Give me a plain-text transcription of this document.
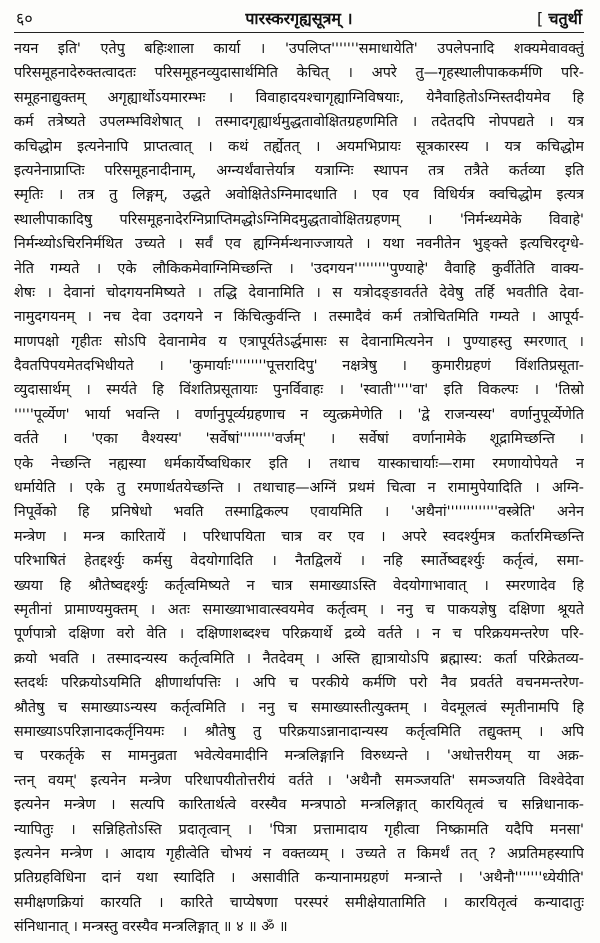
६०	पारस्करगृह्यसूत्रम् ।
[	चतुर्थी
नयन इति' एतेपु बहिःशाला कार्या । 'उपलिप्त'''''''समाधायेति' उपलेपनादि शक्यमेवावक्तुं
परिसमूहनादेरुक्तत्वादतः परिसमूहनव्युदासार्थमिति केचित् । अपरे तु—गृहस्थालीपाककर्मणि परि-
समूहनाद्युक्तम् अगृह्यार्थोऽयमारम्भः । विवाहादयश्चागृह्याग्निविषयाः, येनैवाहितोऽग्निस्तदीयमेव हि
कर्म तत्रेष्यते उपलम्भविशेषात् । तस्मादगृह्यार्थमुद्धतावोक्षितग्रहणमिति । तदेतदपि नोपपद्यते । यत्र
कचिद्धोम इत्यनेनापि प्राप्तत्वात् । कथं तर्ह्येतत् । अयमभिप्रायः सूत्रकारस्य । यत्र कचिद्धोम
इत्यनेनाप्राप्तिः परिसमूहनादीनाम्, अग्न्यर्थंवात्तेर्यात्र यत्राग्निः स्थापन तत्र तत्रैते कर्तव्या इति
स्मृतिः । तत्र तु लिङ्गम्, उद्धते अवोक्षितेऽग्निमादधाति । एव एव विधिर्यत्र क्वचिद्धोम इत्यत्र
स्थालीपाकादिषु परिसमूहनादेरग्निप्राप्तिमद्धोऽग्निमिदमुद्धतावोक्षितग्रहणम् । 'निर्मन्ध्यमेके विवाहे'
निर्मन्थ्योऽचिरनिर्मथित उच्यते । सर्वं एव ह्यग्निर्मन्थनाज्जायते । यथा नवनीतेन भुङ्क्ते इत्यचिरदृग्धे-
नेति गम्यते । एके लौकिकमेवाग्निमिच्छन्ति । 'उदगयन'''''''''पुण्याहे' वैवाहि कुर्वीतेति वाक्य-
शेषः । देवानां चोदगयनमिष्यते । तद्धि देवानामिति । स यत्रोदङ्ङावर्तते देवेषु तर्हि भवतीति देवा-
नामुदगयनम् । नच देवा उदगयने न किंचित्कुर्वन्ति । तस्मादैवं कर्म तत्रोचितमिति गम्यते । आपूर्य-
माणपक्षो गृहीतः सोऽपि देवानामेव य एत्रापूर्यतेऽर्द्धमासः स देवानामित्यनेन । पुण्याहस्तु स्मरणात् ।
दैवतपिपयमेतदभिधीयते । 'कुमार्याः'''''''''पूत्तरादिपु' नक्षत्रेषु । कुमारीग्रहणं विंशतिप्रसूता-
व्युदासार्थम् । स्मर्यते हि विंशतिप्रसूतायाः पुनर्विवाहः । 'स्वाती'''''वा' इति विकल्पः । 'तिस्रो
'''''पूर्व्येण' भार्या भवन्ति । वर्णानुपूर्व्यग्रहणाच न व्युत्क्रमेणेति । 'द्वे राजन्यस्य' वर्णानुपूर्व्येणेति
वर्तते । 'एका वैश्यस्य' 'सर्वेषां'''''''''वर्जम्' । सर्वेषां वर्णानामेके शूद्रामिच्छन्ति ।
एके नेच्छन्ति नह्यस्या धर्मकार्येष्वधिकार इति । तथाच यास्काचार्याः—रामा रमणायोपेयते न
धर्मायेति । एके तु रमणार्थतयेच्छन्ति । तथाचाह—अग्निं प्रथमं चित्वा न रामामुपेयादिति । अग्नि-
निपूर्वेको हि प्रनिषेधो भवति तस्माद्विकल्प एवायमिति । 'अथैनां'''''''''''''वस्त्रेति' अनेन
मन्त्रेण । मन्त्र कारितायें । परिधापयिता चात्र वर एव । अपरे स्वदर्श्युमत्र कर्तारमिच्छन्ति
परिभाषितं हेतद्दर्श्युः कर्मसु वेदयोगादिति । नैतद्विलयें । नहि स्मार्तेष्वद्दर्श्युः कर्तृत्वं, समा-
ख्यया हि श्रौतेष्वद्दर्श्युः कर्तृत्वमिष्यते न चात्र समाख्याऽस्ति वेदयोगाभावात् । स्मरणादेव हि
स्मृतीनां प्रामाण्यमुक्तम् । अतः समाख्याभावात्स्वयमेव कर्तृत्वम् । ननु च पाकयज्ञेषु दक्षिणा श्रूयते
पूर्णपात्रो दक्षिणा वरो वेति । दक्षिणाशब्दश्च परिक्रयार्थे द्रव्ये वर्तते । न च परिक्रयमन्तरेण परि-
क्रयो भवति । तस्मादन्यस्य कर्तृत्वमिति । नैतदेवम् । अस्ति ह्यात्रायोऽपि ब्रह्मास्य: कर्ता परिक्रेतव्य-
स्तदर्थः परिक्रयोऽयमिति क्षीणार्थापत्तिः । अपि च परकीये कर्मणि परो नैव प्रवर्तते वचनमन्तरेण-
श्रौतेषु च समाख्याऽन्यस्य कर्तृत्वमिति । ननु च समाख्यास्तीत्युक्तम् । वेदमूलत्वं स्मृतीनामपि हि
समाख्याऽपरिज्ञानादकर्तृनियमः । श्रौतेषु तु परिक्रयाऽन्नानादान्यस्य कर्तृत्वमिति तद्युक्तम् । अपि
च परकर्तृके स मामनुव्रता भवेत्येवमादीनि मन्त्रलिङ्गानि विरुध्यन्ते । 'अधोत्तरीयम् या अक्र-
न्तन् वयम्' इत्यनेन मन्त्रेण परिधापयीतोत्तरीयं वर्तते । 'अथैनौ समञ्जयति' समञ्जयति विश्वेदेवा
इत्यनेन मन्त्रेण । सत्यपि कारितार्थत्वे वरस्यैव मन्त्रपाठो मन्त्रलिङ्गात् कारयितृत्वं च सन्निधानाक-
न्यापितुः । सन्निहितोऽस्ति प्रदातृत्वान् । 'पित्रा प्रत्तामादाय गृहीत्वा निष्क्रामति यदैपि मनसा'
इत्यनेन मन्त्रेण । आदाय गृहीत्वेति चोभयं न वक्तव्यम् । उच्यते त किमर्थं तत् ? अप्रतिमहस्यापि
प्रतिग्रहविधिना दानं यथा स्यादिति । असावीति कन्यानामग्रहणं मन्त्रान्ते । 'अथैनौ'''''''ध्येयीति'
समीक्षणक्रियां कारयति । कारिते चाप्येषणा परस्परं समीक्षेयातामिति । कारयितृत्वं कन्यादातुः
संनिधानात् । मन्त्रस्तु वरस्यैव मन्त्रलिङ्गात् ॥ ४ ॥ ॐ ॥
